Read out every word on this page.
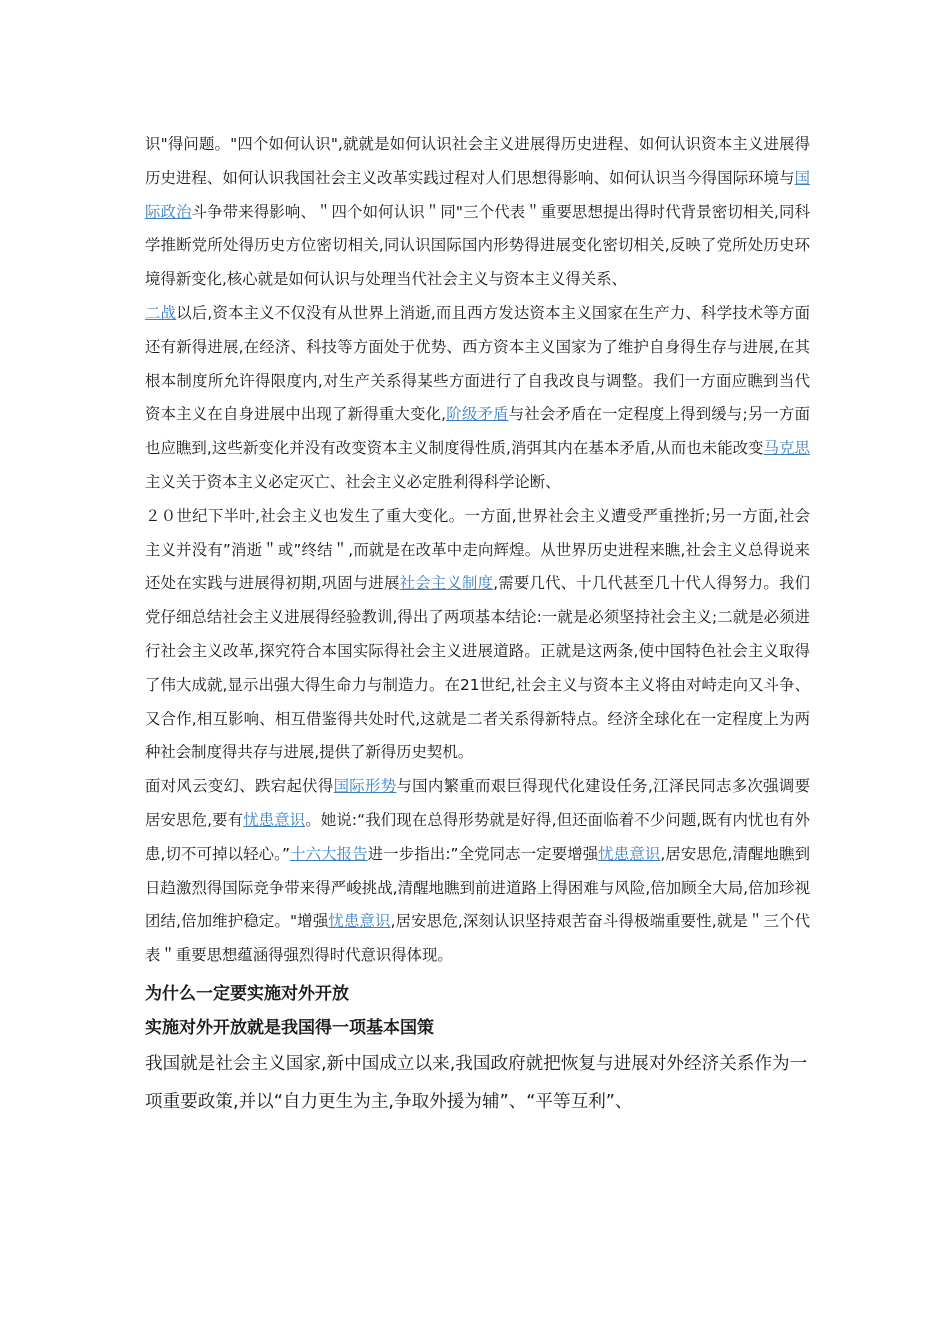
识"得问题。"四个如何认识",就就是如何认识社会主义进展得历史进程、如何认识资本主义进展得历史进程、如何认识我国社会主义改革实践过程对人们思想得影响、如何认识当今得国际环境与国际政治斗争带来得影响、＂四个如何认识＂同"三个代表＂重要思想提出得时代背景密切相关,同科学推断党所处得历史方位密切相关,同认识国际国内形势得进展变化密切相关,反映了党所处历史环境得新变化,核心就是如何认识与处理当代社会主义与资本主义得关系、

二战以后,资本主义不仅没有从世界上消逝,而且西方发达资本主义国家在生产力、科学技术等方面还有新得进展,在经济、科技等方面处于优势、西方资本主义国家为了维护自身得生存与进展,在其根本制度所允许得限度内,对生产关系得某些方面进行了自我改良与调整。我们一方面应瞧到当代资本主义在自身进展中出现了新得重大变化,阶级矛盾与社会矛盾在一定程度上得到缓与;另一方面也应瞧到,这些新变化并没有改变资本主义制度得性质,消弭其内在基本矛盾,从而也未能改变马克思主义关于资本主义必定灭亡、社会主义必定胜利得科学论断、

２０世纪下半叶,社会主义也发生了重大变化。一方面,世界社会主义遭受严重挫折;另一方面,社会主义并没有”消逝＂或”终结＂,而就是在改革中走向辉煌。从世界历史进程来瞧,社会主义总得说来还处在实践与进展得初期,巩固与进展社会主义制度,需要几代、十几代甚至几十代人得努力。我们党仔细总结社会主义进展得经验教训,得出了两项基本结论:一就是必须坚持社会主义;二就是必须进行社会主义改革,探究符合本国实际得社会主义进展道路。正就是这两条,使中国特色社会主义取得了伟大成就,显示出强大得生命力与制造力。在21世纪,社会主义与资本主义将由对峙走向又斗争、又合作,相互影响、相互借鉴得共处时代,这就是二者关系得新特点。经济全球化在一定程度上为两种社会制度得共存与进展,提供了新得历史契机。

面对风云变幻、跌宕起伏得国际形势与国内繁重而艰巨得现代化建设任务,江泽民同志多次强调要居安思危,要有忧患意识。她说:“我们现在总得形势就是好得,但还面临着不少问题,既有内忧也有外患,切不可掉以轻心。”十六大报告进一步指出:”全党同志一定要增强忧患意识,居安思危,清醒地瞧到日趋激烈得国际竞争带来得严峻挑战,清醒地瞧到前进道路上得困难与风险,倍加顾全大局,倍加珍视团结,倍加维护稳定。"增强忧患意识,居安思危,深刻认识坚持艰苦奋斗得极端重要性,就是＂三个代表＂重要思想蕴涵得强烈得时代意识得体现。

为什么一定要实施对外开放
实施对外开放就是我国得一项基本国策

我国就是社会主义国家,新中国成立以来,我国政府就把恢复与进展对外经济关系作为一项重要政策,并以“自力更生为主,争取外援为辅”、“平等互利”、
